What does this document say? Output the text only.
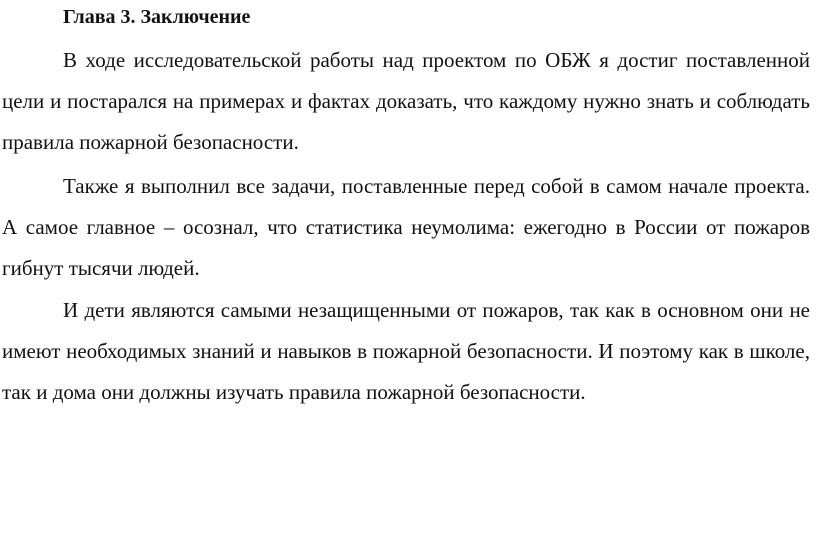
Глава 3. Заключение

В ходе исследовательской работы над проектом по ОБЖ я достиг поставленной цели и постарался на примерах и фактах доказать, что каждому нужно знать и соблюдать правила пожарной безопасности.

Также я выполнил все задачи, поставленные перед собой в самом начале проекта. А самое главное – осознал, что статистика неумолима: ежегодно в России от пожаров гибнут тысячи людей.

И дети являются самыми незащищенными от пожаров, так как в основном они не имеют необходимых знаний и навыков в пожарной безопасности. И поэтому как в школе, так и дома они должны изучать правила пожарной безопасности.
